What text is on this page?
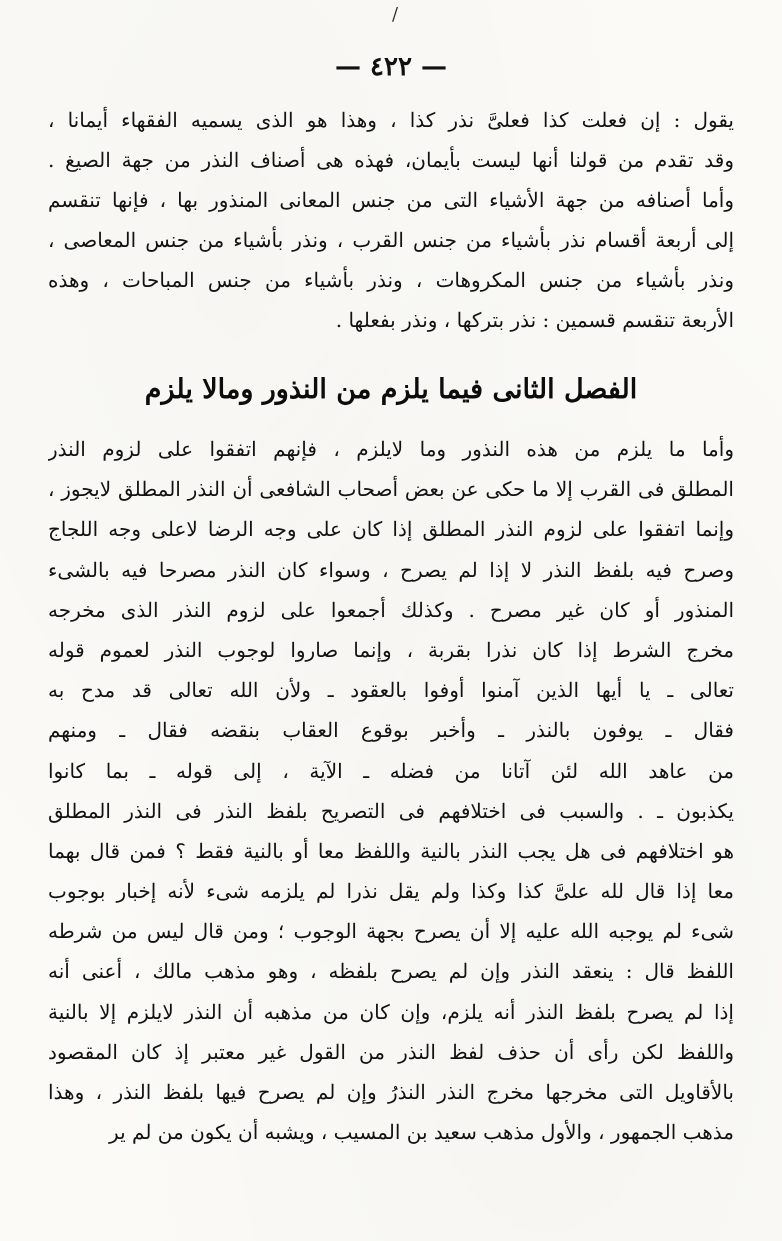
/
— ٤٢٢ —
يقول : إن فعلت كذا فعلىَّ نذر كذا ، وهذا هو الذى يسميه الفقهاء أيمانا ،
وقد تقدم من قولنا أنها ليست بأيمان، فهذه هى أصناف النذر من جهة الصيغ .
وأما أصنافه من جهة الأشياء التى من جنس المعانى المنذور بها ، فإنها تنقسم
إلى أربعة أقسام نذر بأشياء من جنس القرب ، ونذر بأشياء من جنس المعاصى ،
ونذر بأشياء من جنس المكروهات ، ونذر بأشياء من جنس المباحات ، وهذه
الأربعة تنقسم قسمين : نذر بتركها ، ونذر بفعلها .
الفصل الثانى فيما يلزم من النذور ومالا يلزم
وأما ما يلزم من هذه النذور وما لايلزم ، فإنهم اتفقوا على لزوم النذر
المطلق فى القرب إلا ما حكى عن بعض أصحاب الشافعى أن النذر المطلق لايجوز ،
وإنما اتفقوا على لزوم النذر المطلق إذا كان على وجه الرضا لاعلى وجه اللجاج
وصرح فيه بلفظ النذر لا إذا لم يصرح ، وسواء كان النذر مصرحا فيه بالشىء
المنذور أو كان غير مصرح . وكذلك أجمعوا على لزوم النذر الذى مخرجه
مخرج الشرط إذا كان نذرا بقربة ، وإنما صاروا لوجوب النذر لعموم قوله
تعالى ـ يا أيها الذين آمنوا أوفوا بالعقود ـ ولأن الله تعالى قد مدح به
فقال ـ يوفون بالنذر ـ وأخبر بوقوع العقاب بنقضه فقال ـ ومنهم
من عاهد الله لئن آتانا من فضله ـ الآية ، إلى قوله ـ بما كانوا
يكذبون ـ . والسبب فى اختلافهم فى التصريح بلفظ النذر فى النذر المطلق
هو اختلافهم فى هل يجب النذر بالنية واللفظ معا أو بالنية فقط ؟ فمن قال بهما
معا إذا قال لله علىَّ كذا وكذا ولم يقل نذرا لم يلزمه شىء لأنه إخبار بوجوب
شىء لم يوجبه الله عليه إلا أن يصرح بجهة الوجوب ؛ ومن قال ليس من شرطه
اللفظ قال : ينعقد النذر وإن لم يصرح بلفظه ، وهو مذهب مالك ، أعنى أنه
إذا لم يصرح بلفظ النذر أنه يلزم، وإن كان من مذهبه أن النذر لايلزم إلا بالنية
واللفظ لكن رأى أن حذف لفظ النذر من القول غير معتبر إذ كان المقصود
بالأقاويل التى مخرجها مخرج النذر النذرُ وإن لم يصرح فيها بلفظ النذر ، وهذا
مذهب الجمهور ، والأول مذهب سعيد بن المسيب ، ويشبه أن يكون من لم ير
